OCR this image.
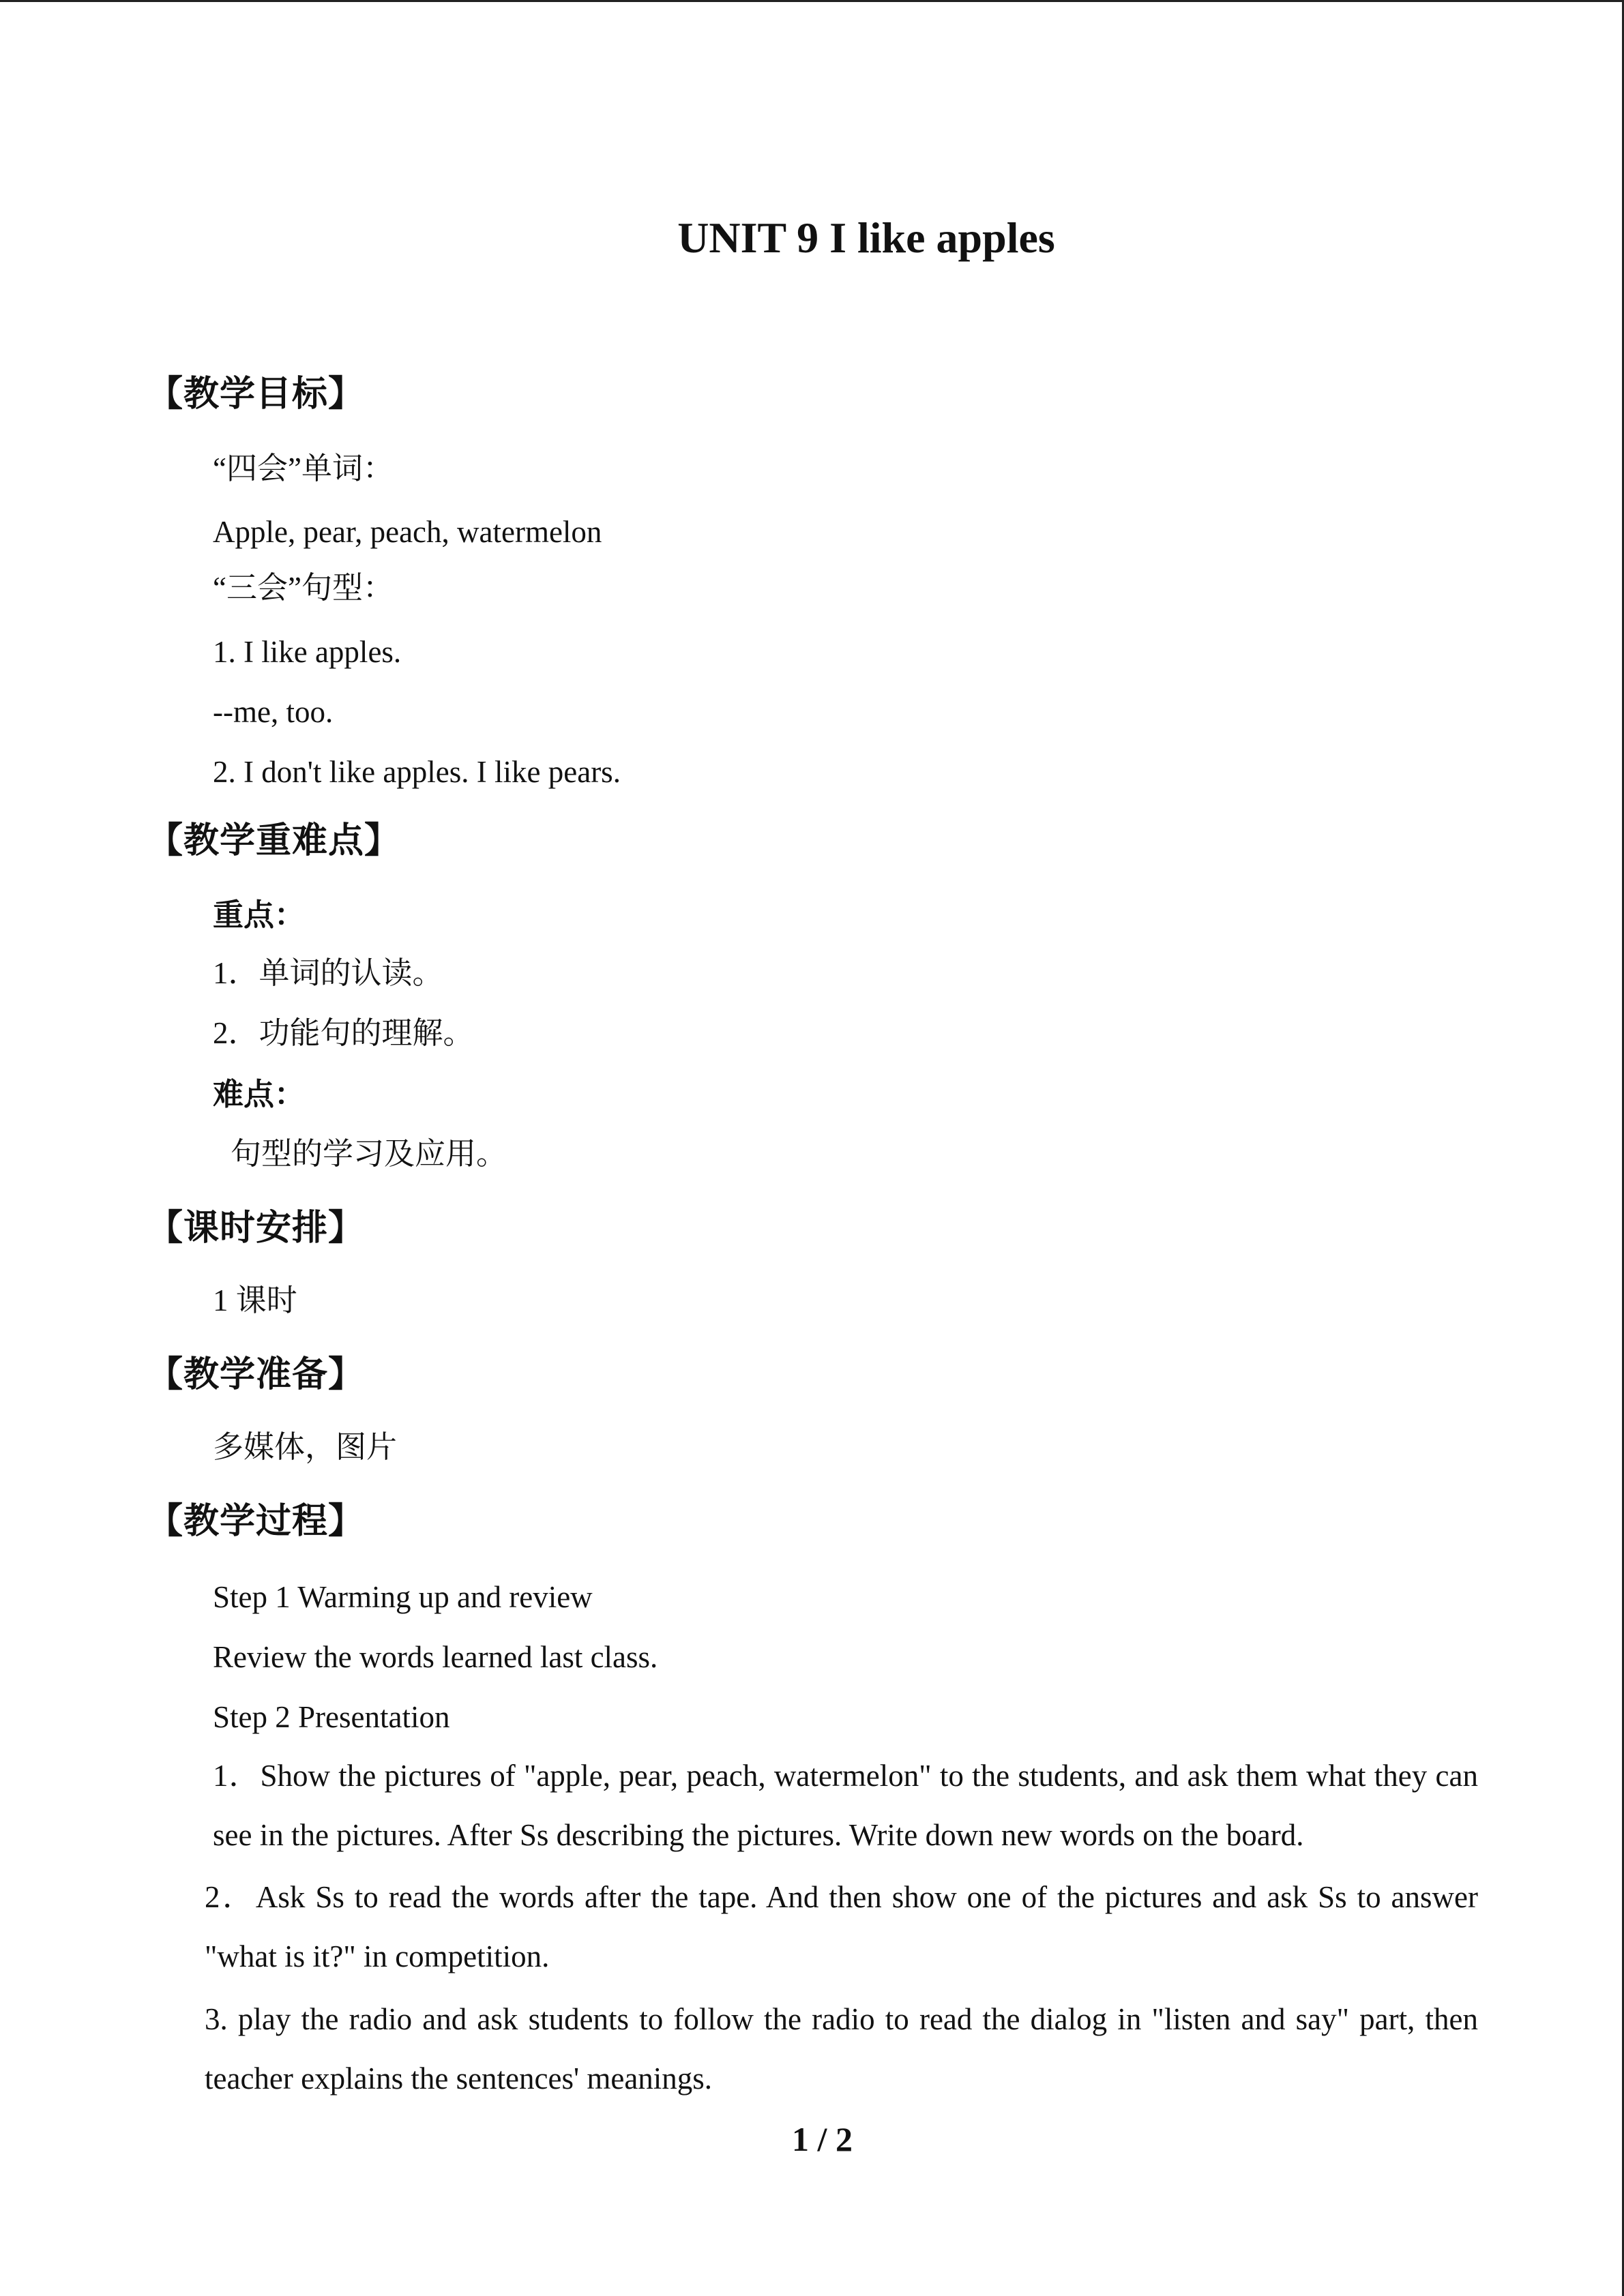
UNIT 9 I like apples
【教学目标】
“四会”单词：
Apple, pear, peach, watermelon
“三会”句型：
1. I like apples.
--me, too.
2. I don't like apples. I like pears.
【教学重难点】
重点：
1．单词的认读。
2．功能句的理解。
难点：
句型的学习及应用。
【课时安排】
1 课时
【教学准备】
多媒体，图片
【教学过程】
Step 1 Warming up and review
Review the words learned last class.
Step 2 Presentation
1．Show the pictures of "apple, pear, peach, watermelon" to the students, and ask them what they can see in the pictures. After Ss describing the pictures. Write down new words on the board.
2．Ask Ss to read the words after the tape. And then show one of the pictures and ask Ss to answer "what is it?" in competition.
3. play the radio and ask students to follow the radio to read the dialog in "listen and say" part, then teacher explains the sentences' meanings.
1 / 2
